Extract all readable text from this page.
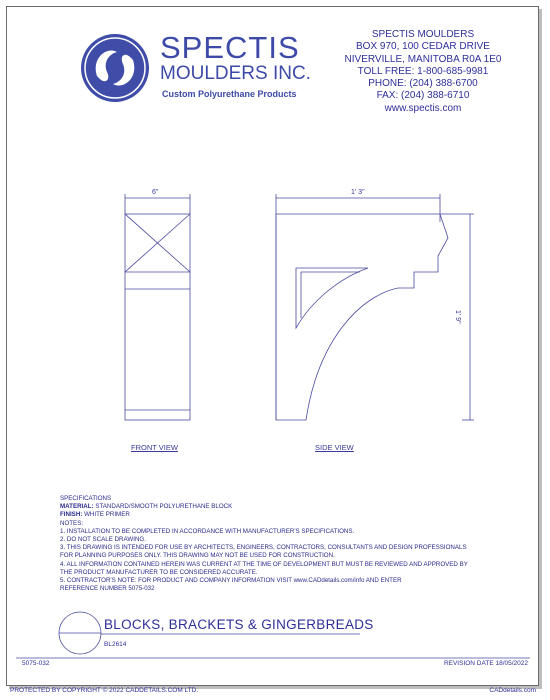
SPECTIS
MOULDERS INC.
Custom Polyurethane Products
SPECTIS MOULDERS
BOX 970, 100 CEDAR DRIVE
NIVERVILLE, MANITOBA R0A 1E0
TOLL FREE: 1-800-685-9981
PHONE: (204) 388-6700
FAX: (204) 388-6710
www.spectis.com
6"	1' 3"
1' 9"
FRONT VIEW	SIDE VIEW
SPECIFICATIONS
MATERIAL: STANDARD/SMOOTH POLYURETHANE BLOCK
FINISH: WHITE PRIMER
NOTES:
1. INSTALLATION TO BE COMPLETED IN ACCORDANCE WITH MANUFACTURER'S SPECIFICATIONS.
2. DO NOT SCALE DRAWING.
3. THIS DRAWING IS INTENDED FOR USE BY ARCHITECTS, ENGINEERS, CONTRACTORS, CONSULTANTS AND DESIGN PROFESSIONALS
FOR PLANNING PURPOSES ONLY. THIS DRAWING MAY NOT BE USED FOR CONSTRUCTION.
4. ALL INFORMATION CONTAINED HEREIN WAS CURRENT AT THE TIME OF DEVELOPMENT BUT MUST BE REVIEWED AND APPROVED BY
THE PRODUCT MANUFACTURER TO BE CONSIDERED ACCURATE.
5. CONTRACTOR'S NOTE: FOR PRODUCT AND COMPANY INFORMATION VISIT www.CADdetails.com/info AND ENTER
REFERENCE NUMBER 5075-032
BLOCKS, BRACKETS & GINGERBREADS
BL2614
5075-032	REVISION DATE 18/05/2022
PROTECTED BY COPYRIGHT © 2022 CADDETAILS.COM LTD.	CADdetails.com
